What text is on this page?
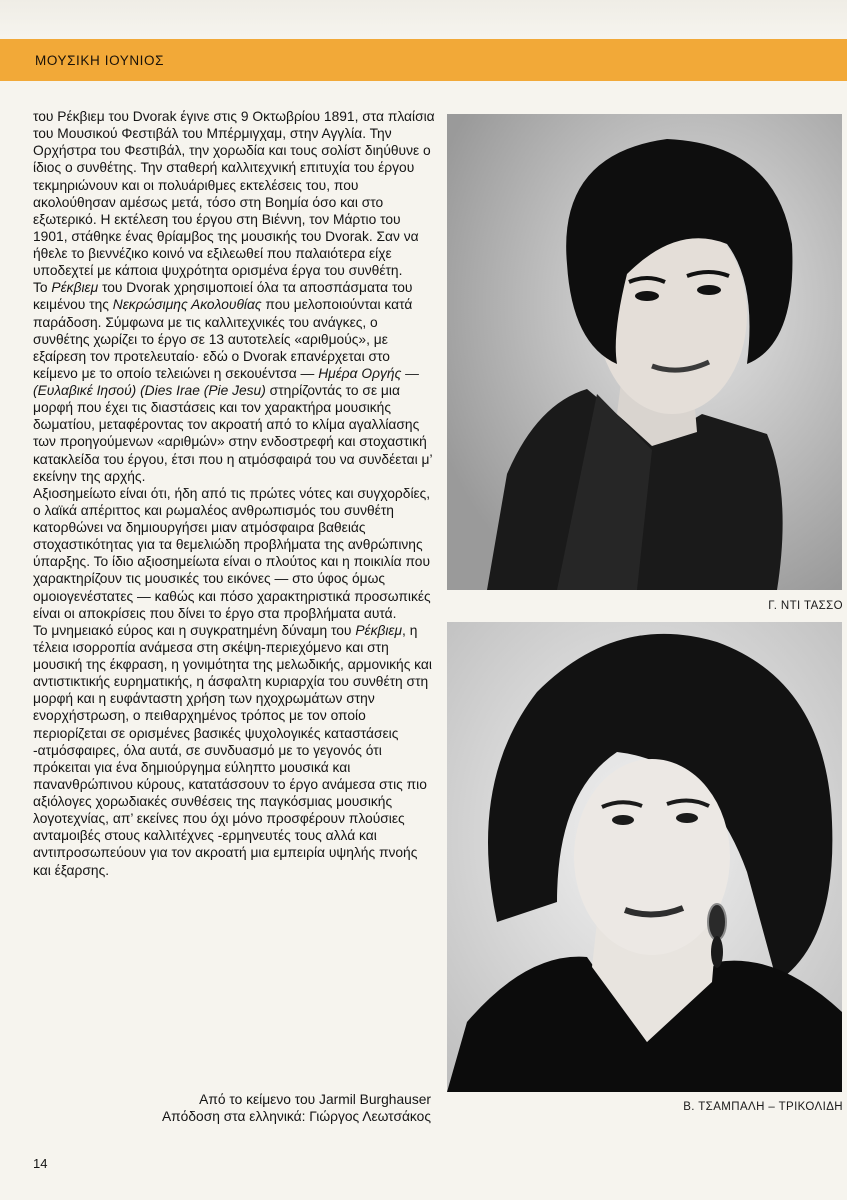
ΜΟΥΣΙΚΗ ΙΟΥΝΙΟΣ

του Ρέκβιεμ του Dvorak έγινε στις 9 Οκτωβρίου 1891, στα πλαίσια του Μουσικού Φεστιβάλ του Μπέρμιγχαμ, στην Αγγλία. Την Ορχήστρα του Φεστιβάλ, την χορωδία και τους σολίστ διηύθυνε ο ίδιος ο συνθέτης. Την σταθερή καλλιτεχνική επιτυχία του έργου τεκμηριώνουν και οι πολυάριθμες εκτελέσεις του, που ακολούθησαν αμέσως μετά, τόσο στη Βοημία όσο και στο εξωτερικό. Η εκτέλεση του έργου στη Βιέννη, τον Μάρτιο του 1901, στάθηκε ένας θρίαμβος της μουσικής του Dvorak. Σαν να ήθελε το βιεννέζικο κοινό να εξιλεωθεί που παλαιότερα είχε υποδεχτεί με κάποια ψυχρότητα ορισμένα έργα του συνθέτη.

Το Ρέκβιεμ του Dvorak χρησιμοποιεί όλα τα αποσπάσματα του κειμένου της Νεκρώσιμης Ακολουθίας που μελοποιούνται κατά παράδοση. Σύμφωνα με τις καλλιτεχνικές του ανάγκες, ο συνθέτης χωρίζει το έργο σε 13 αυτοτελείς «αριθμούς», με εξαίρεση τον προτελευταίο· εδώ ο Dvorak επανέρχεται στο κείμενο με το οποίο τελειώνει η σεκουέντσα — Ημέρα Οργής — (Ευλαβικέ Ιησού) (Dies Irae (Pie Jesu) στηρίζοντάς το σε μια μορφή που έχει τις διαστάσεις και τον χαρακτήρα μουσικής δωματίου, μεταφέροντας τον ακροατή από το κλίμα αγαλλίασης των προηγούμενων «αριθμών» στην ενδοστρεφή και στοχαστική κατακλείδα του έργου, έτσι που η ατμόσφαιρά του να συνδέεται μ’ εκείνην της αρχής.

Αξιοσημείωτο είναι ότι, ήδη από τις πρώτες νότες και συγχορδίες, ο λαϊκά απέριττος και ρωμαλέος ανθρωπισμός του συνθέτη κατορθώνει να δημιουργήσει μιαν ατμόσφαιρα βαθειάς στοχαστικότητας για τα θεμελιώδη προβλήματα της ανθρώπινης ύπαρξης. Το ίδιο αξιοσημείωτα είναι ο πλούτος και η ποικιλία που χαρακτηρίζουν τις μουσικές του εικόνες — στο ύφος όμως ομοιογενέστατες — καθώς και πόσο χαρακτηριστικά προσωπικές είναι οι αποκρίσεις που δίνει το έργο στα προβλήματα αυτά.

Το μνημειακό εύρος και η συγκρατημένη δύναμη του Ρέκβιεμ, η τέλεια ισορροπία ανάμεσα στη σκέψη-περιεχόμενο και στη μουσική της έκφραση, η γονιμότητα της μελωδικής, αρμονικής και αντιστικτικής ευρηματικής, η άσφαλτη κυριαρχία του συνθέτη στη μορφή και η ευφάνταστη χρήση των ηχοχρωμάτων στην ενορχήστρωση, ο πειθαρχημένος τρόπος με τον οποίο περιορίζεται σε ορισμένες βασικές ψυχολογικές καταστάσεις -ατμόσφαιρες, όλα αυτά, σε συνδυασμό με το γεγονός ότι πρόκειται για ένα δημιούργημα εύληπτο μουσικά και πανανθρώπινου κύρους, κατατάσσουν το έργο ανάμεσα στις πιο αξιόλογες χορωδιακές συνθέσεις της παγκόσμιας μουσικής λογοτεχνίας, απ’ εκείνες που όχι μόνο προσφέρουν πλούσιες ανταμοιβές στους καλλιτέχνες -ερμηνευτές τους αλλά και αντιπροσωπεύουν για τον ακροατή μια εμπειρία υψηλής πνοής και έξαρσης.

Από το κείμενο του Jarmil Burghauser
Απόδοση στα ελληνικά: Γιώργος Λεωτσάκος
Γ. ΝΤΙ ΤΑΣΣΟ
Β. ΤΣΑΜΠΑΛΗ – ΤΡΙΚΟΛΙΔΗ
14
